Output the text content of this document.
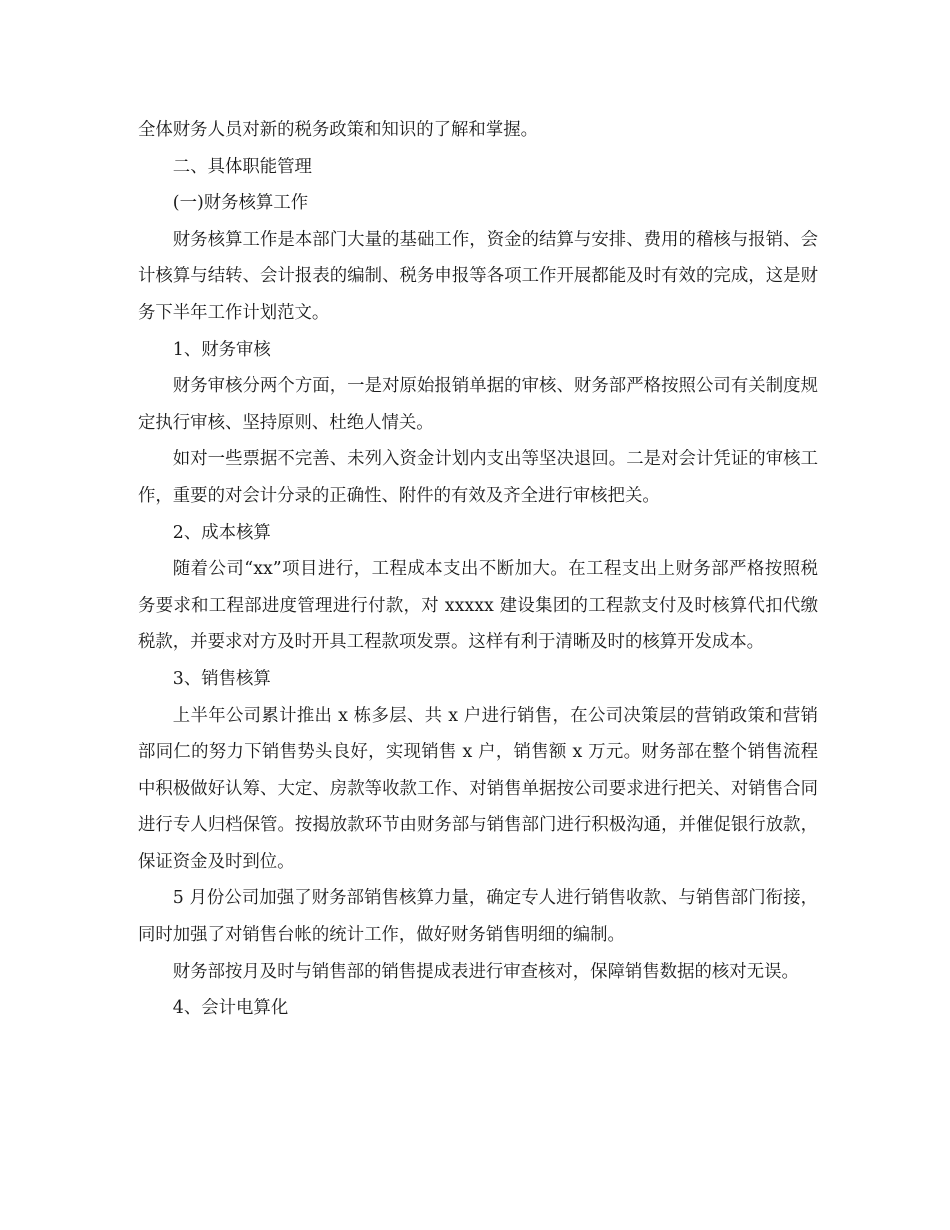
全体财务人员对新的税务政策和知识的了解和掌握。

二、具体职能管理

(一)财务核算工作

财务核算工作是本部门大量的基础工作，资金的结算与安排、费用的稽核与报销、会计核算与结转、会计报表的编制、税务申报等各项工作开展都能及时有效的完成，这是财务下半年工作计划范文。

1、财务审核

财务审核分两个方面，一是对原始报销单据的审核、财务部严格按照公司有关制度规定执行审核、坚持原则、杜绝人情关。

如对一些票据不完善、未列入资金计划内支出等坚决退回。二是对会计凭证的审核工作，重要的对会计分录的正确性、附件的有效及齐全进行审核把关。

2、成本核算

随着公司“xx”项目进行，工程成本支出不断加大。在工程支出上财务部严格按照税务要求和工程部进度管理进行付款，对 xxxxx 建设集团的工程款支付及时核算代扣代缴税款，并要求对方及时开具工程款项发票。这样有利于清晰及时的核算开发成本。

3、销售核算

上半年公司累计推出 x 栋多层、共 x 户进行销售，在公司决策层的营销政策和营销部同仁的努力下销售势头良好，实现销售 x 户，销售额 x 万元。财务部在整个销售流程中积极做好认筹、大定、房款等收款工作、对销售单据按公司要求进行把关、对销售合同进行专人归档保管。按揭放款环节由财务部与销售部门进行积极沟通，并催促银行放款，保证资金及时到位。

5 月份公司加强了财务部销售核算力量，确定专人进行销售收款、与销售部门衔接，同时加强了对销售台帐的统计工作，做好财务销售明细的编制。

财务部按月及时与销售部的销售提成表进行审查核对，保障销售数据的核对无误。

4、会计电算化
